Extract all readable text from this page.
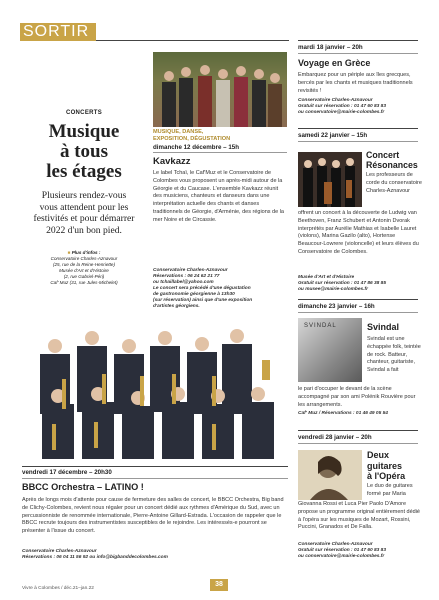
SORTIR
CONCERTS
Musique
à tous
les étages
Plusieurs rendez-vous vous attendent pour les festivités et pour démarrer 2022 d'un bon pied.
■ Plus d'infos :
Conservatoire Charles-Aznavour
(25, rue de la Reine-Henriette)
Musée d'Art et d'Histoire
(2, rue Gabriel-Péri)
Caf' Muz (31, rue Jules-Michelet)
MUSIQUE, DANSE,
EXPOSITION, DÉGUSTATION
dimanche 12 décembre – 15h
Kavkazz
Le label Tchaï, le Caf'Muz et le Conservatoire de Colombes vous proposent un après-midi autour de la Géorgie et du Caucase. L'ensemble Kavkazz réunit des musiciens, chanteurs et danseurs dans une interprétation actuelle des chants et danses traditionnels de Géorgie, d'Arménie, des régions de la mer Noire et de Circassie.
Conservatoire Charles-Aznavour
Réservations : 06 24 62 21 77
ou tchaillabel@yahoo.com
Le concert sera précédé d'une dégustation
de gastronomie géorgienne à 13h30
(sur réservation) ainsi que d'une exposition
d'artistes géorgiens.
vendredi 17 décembre – 20h30
BBCC Orchestra – LATINO !
Après de longs mois d'attente pour cause de fermeture des salles de concert, le BBCC Orchestra, Big band de Clichy-Colombes, revient nous régaler pour un concert dédié aux rythmes d'Amérique du Sud, avec un percussionniste de renommée internationale, Pierre-Antoine Gillard-Estrada. L'occasion de rappeler que le BBCC recrute toujours des instrumentistes susceptibles de le rejoindre. Les intéressés-e pourront se présenter à l'issue du concert.
Conservatoire Charles-Aznavour
Réservations : 06 04 11 56 92 ou info@bigbanddecolombes.com
mardi 18 janvier – 20h
Voyage en Grèce
Embarquez pour un périple aux îles grecques, bercés par les chants et musiques traditionnels revisités !
Conservatoire Charles-Aznavour
Gratuit sur réservation : 01 47 60 83 83
ou conservatoire@mairie-colombes.fr
samedi 22 janvier – 15h
Concert
Résonances
Les professeurs de corde du conservatoire Charles-Aznavour
offrent un concert à la découverte de Ludwig van Beethoven, Franz Schubert et Antonin Dvorak interprétés par Aurélie Mathias et Isabelle Lauret (violons), Marina Gazilo (alto), Hortense Beaucour-Lowrere (violoncelle) et leurs élèves du Conservatoire de Colombes.
Musée d'Art et d'Histoire
Gratuit sur réservation : 01 47 86 38 85
ou musee@mairie-colombes.fr
dimanche 23 janvier – 16h
SVINDAL	Svindal
Svindal est une échappée folk, teintée de rock. Batteur, chanteur, guitariste, Svindal a fait
le pari d'occuper le devant de la scène accompagné par son ami Polénik Rouvière pour les arrangements.
Caf' Muz / Réservations : 01 46 49 05 54
vendredi 28 janvier – 20h
Deux
guitares
à l'Opéra
Le duo de guitares formé par Maria
Giovanna Rossi et Luca Pier Paolo D'Amore propose un programme original entièrement dédié à l'opéra sur les musiques de Mozart, Rossini, Puccini, Granados et De Falla.
Conservatoire Charles-Aznavour
Gratuit sur réservation : 01 47 60 83 83
ou conservatoire@mairie-colombes.fr
Vivre à Colombes / déc.21–jan.22
38
